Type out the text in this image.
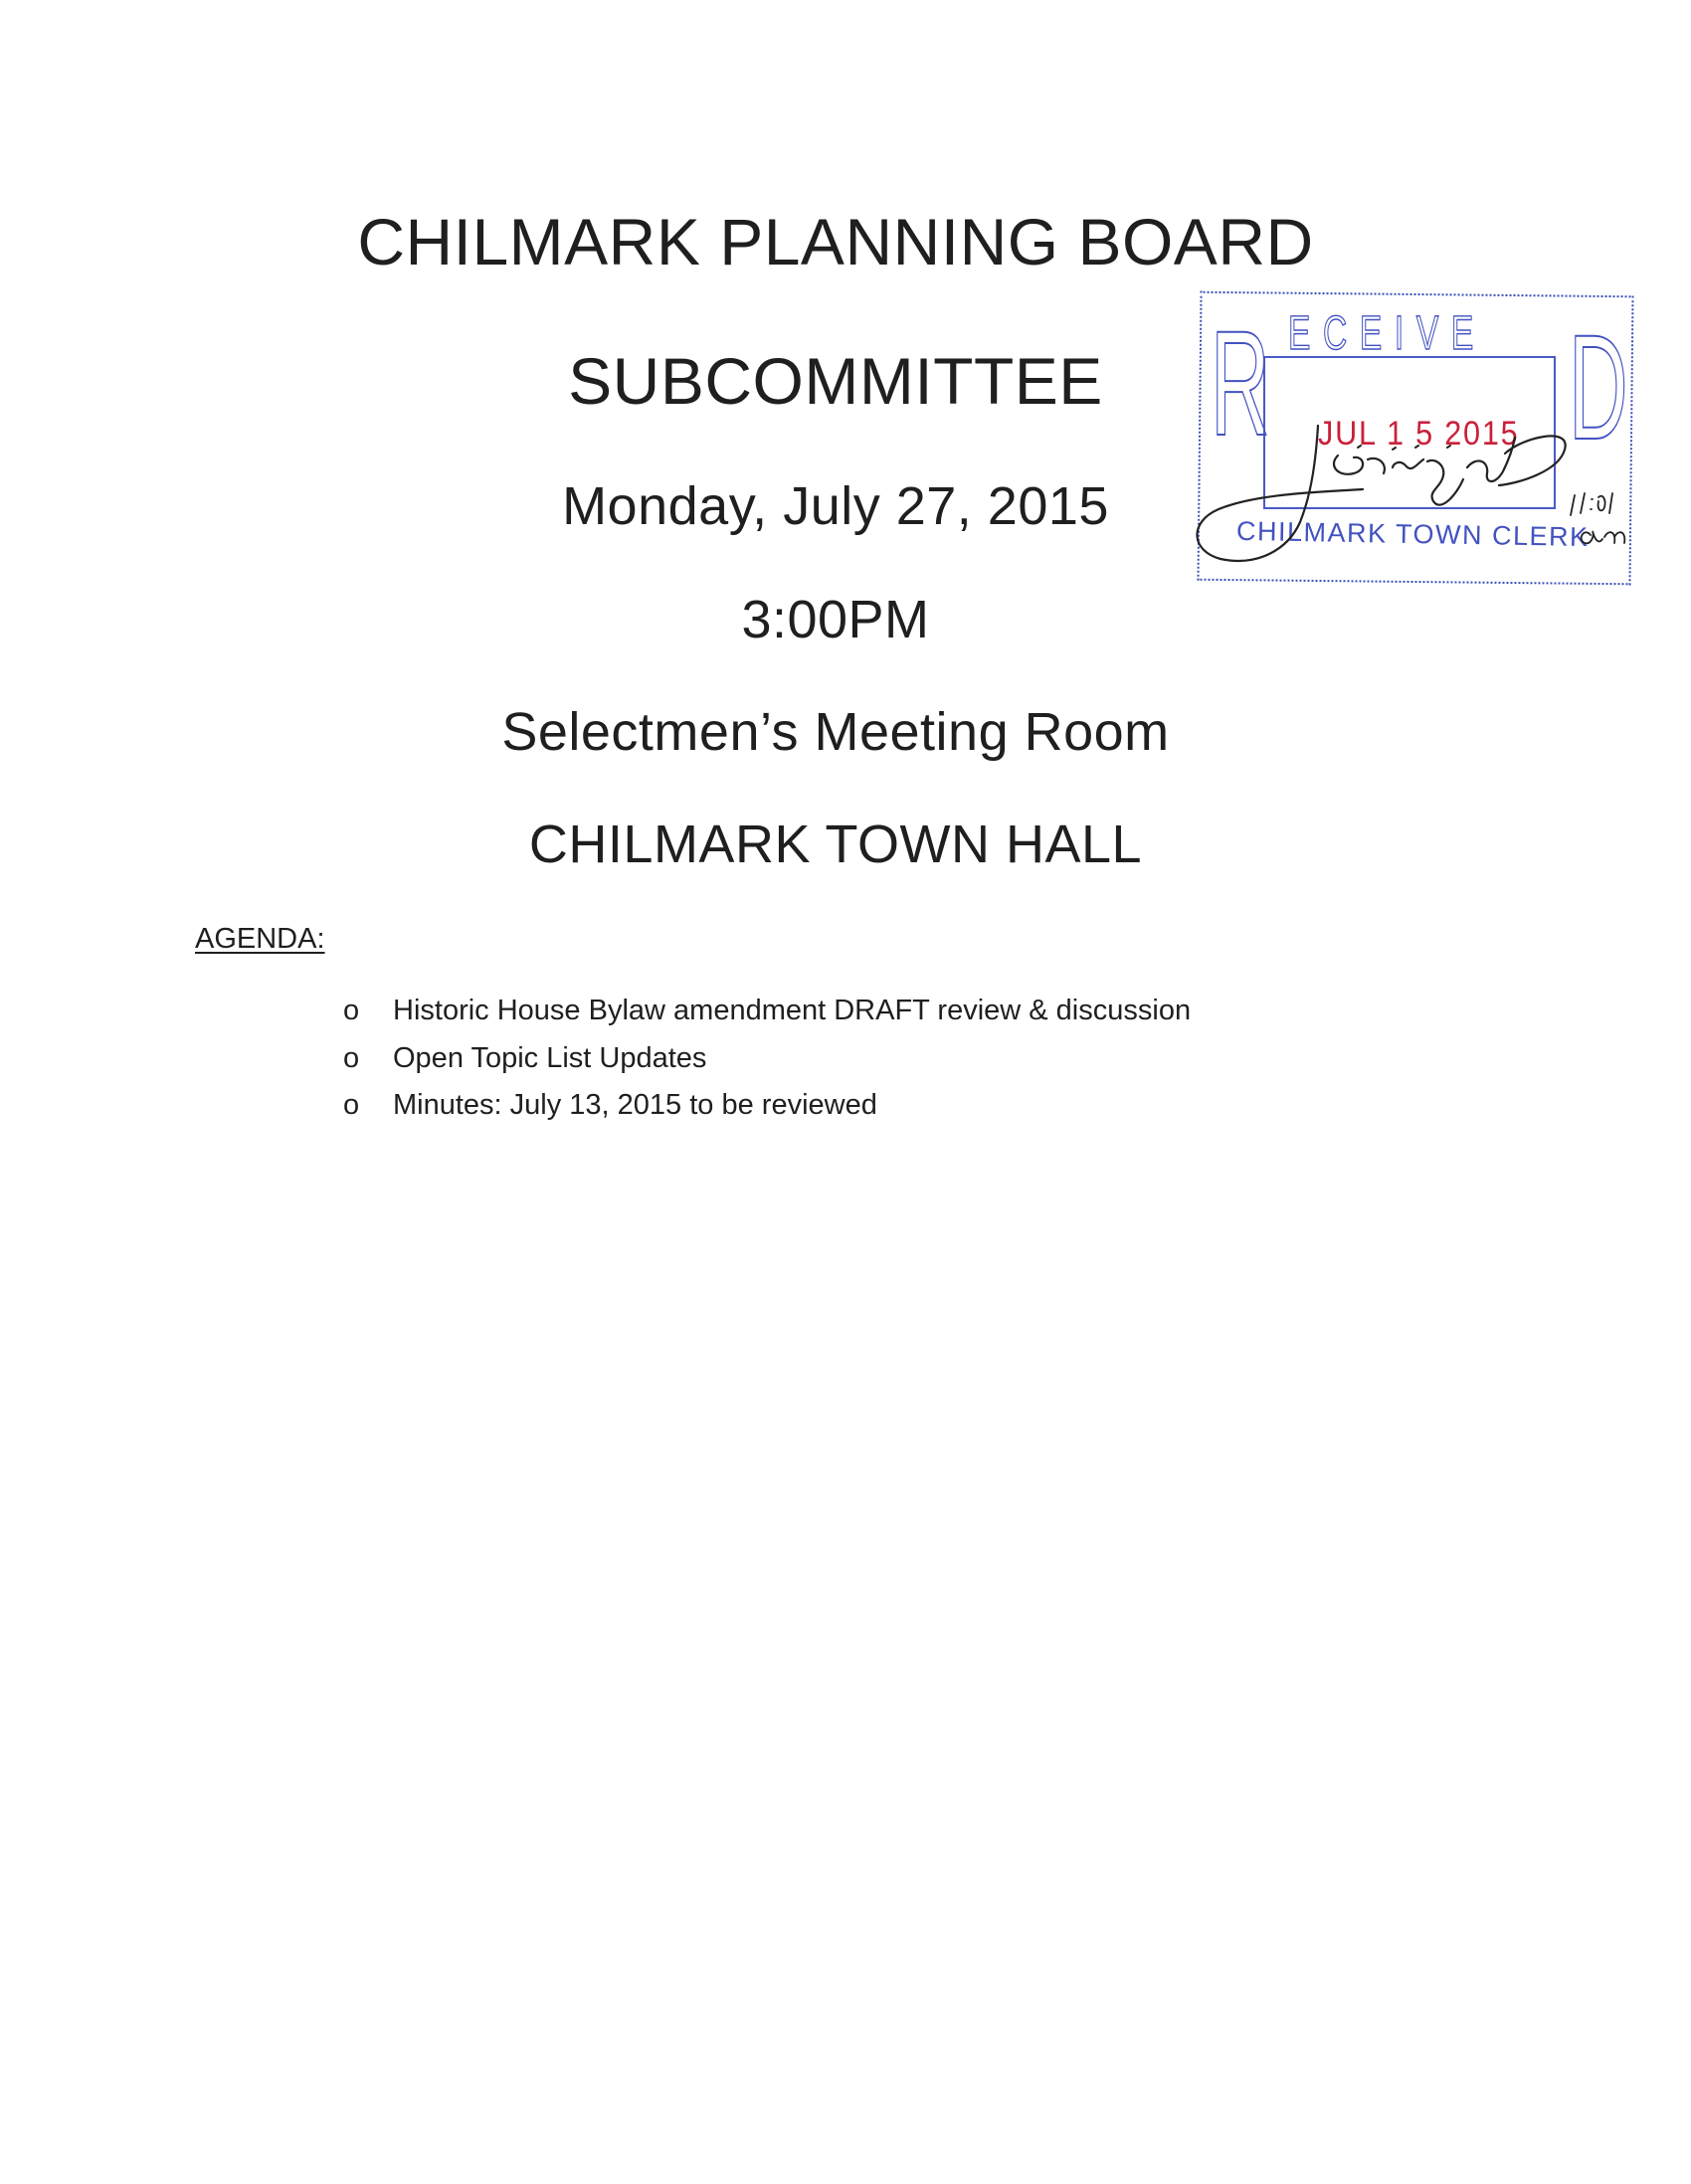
CHILMARK PLANNING BOARD
SUBCOMMITTEE
Monday, July 27, 2015
3:00PM
Selectmen’s Meeting Room
CHILMARK TOWN HALL
AGENDA:
o Historic House Bylaw amendment DRAFT review & discussion
o Open Topic List Updates
o Minutes: July 13, 2015 to be reviewed
R ECEIVE D
JUL 1 5 2015
CHILMARK TOWN CLERK
